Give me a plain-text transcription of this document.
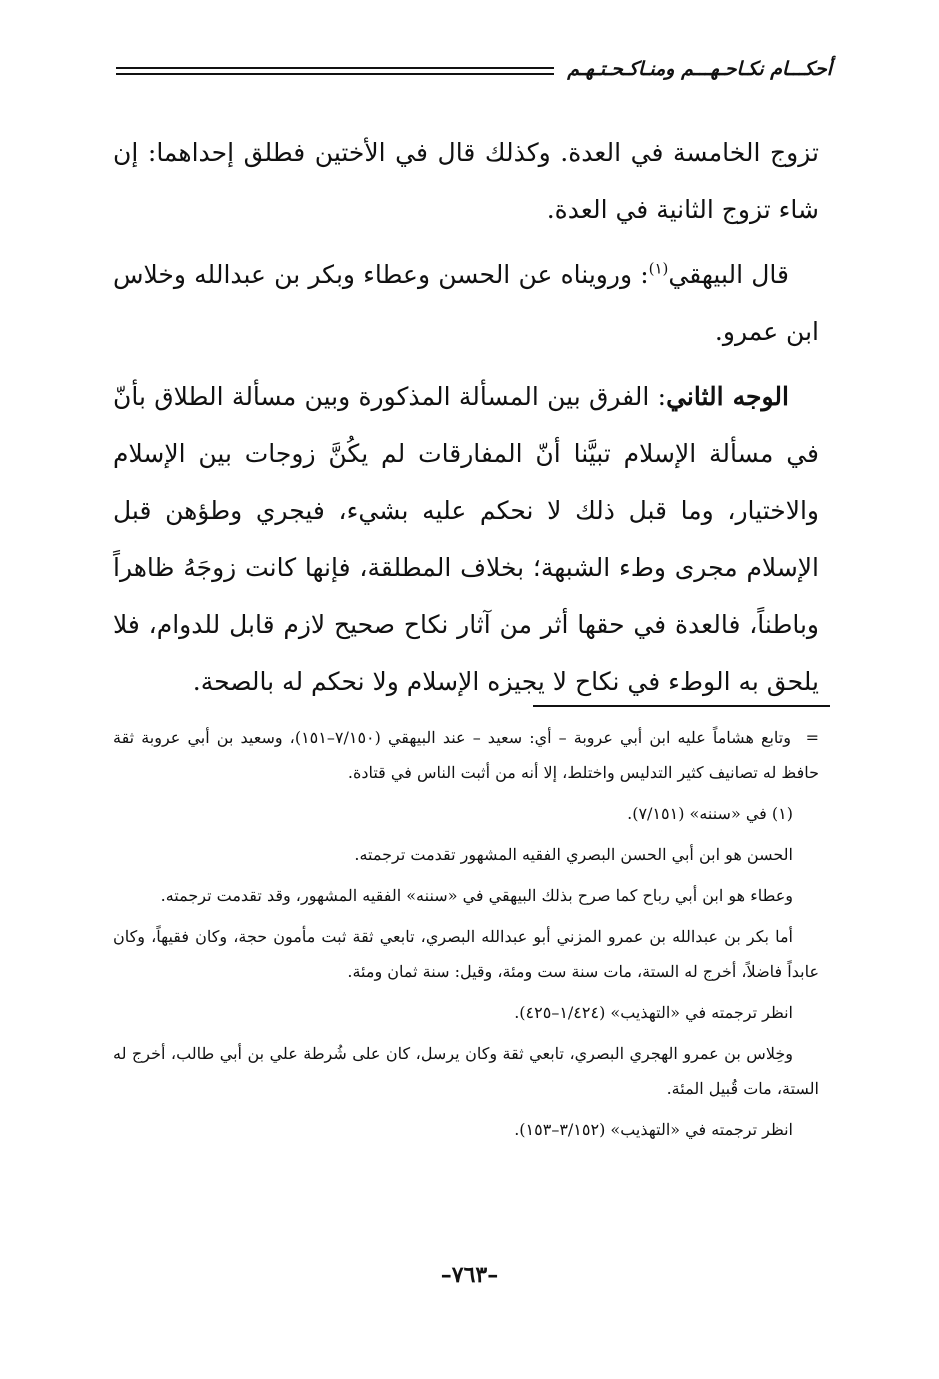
أحكـــام نكـاحـهـــم ومنـاكـحـتـهـم

تزوج الخامسة في العدة. وكذلك قال في الأختين فطلق إحداهما: إن شاء تزوج الثانية في العدة.

قال البيهقي$^{(١)}$: ورويناه عن الحسن وعطاء وبكر بن عبدالله وخلاس ابن عمرو.

الوجه الثاني: الفرق بين المسألة المذكورة وبين مسألة الطلاق بأنّ في مسألة الإسلام تبيَّنا أنّ المفارقات لم يكُنَّ زوجات بين الإسلام والاختيار، وما قبل ذلك لا نحكم عليه بشيء، فيجري وطؤهن قبل الإسلام مجرى وطء الشبهة؛ بخلاف المطلقة، فإنها كانت زوجَهُ ظاهراً وباطناً، فالعدة في حقها أثر من آثار نكاح صحيح لازم قابل للدوام، فلا يلحق به الوطء في نكاح لا يجيزه الإسلام ولا نحكم له بالصحة.

=وتابع هشاماً عليه ابن أبي عروبة – أي: سعيد – عند البيهقي (٧/١٥٠–١٥١)، وسعيد بن أبي عروبة ثقة حافظ له تصانيف كثير التدليس واختلط، إلا أنه من أثبت الناس في قتادة.

(١) في «سننه» (٧/١٥١).

الحسن هو ابن أبي الحسن البصري الفقيه المشهور تقدمت ترجمته.

وعطاء هو ابن أبي رباح كما صرح بذلك البيهقي في «سننه» الفقيه المشهور، وقد تقدمت ترجمته.

أما بكر بن عبدالله بن عمرو المزني أبو عبدالله البصري، تابعي ثقة ثبت مأمون حجة، وكان فقيهاً، وكان عابداً فاضلاً، أخرج له الستة، مات سنة ست ومئة، وقيل: سنة ثمان ومئة.

انظر ترجمته في «التهذيب» (١/٤٢٤–٤٢٥).

وخِلاس بن عمرو الهجري البصري، تابعي ثقة وكان يرسل، كان على شُرطة علي بن أبي طالب، أخرج له الستة، مات قُبيل المئة.

انظر ترجمته في «التهذيب» (٣/١٥٢–١٥٣).

–٧٦٣–
